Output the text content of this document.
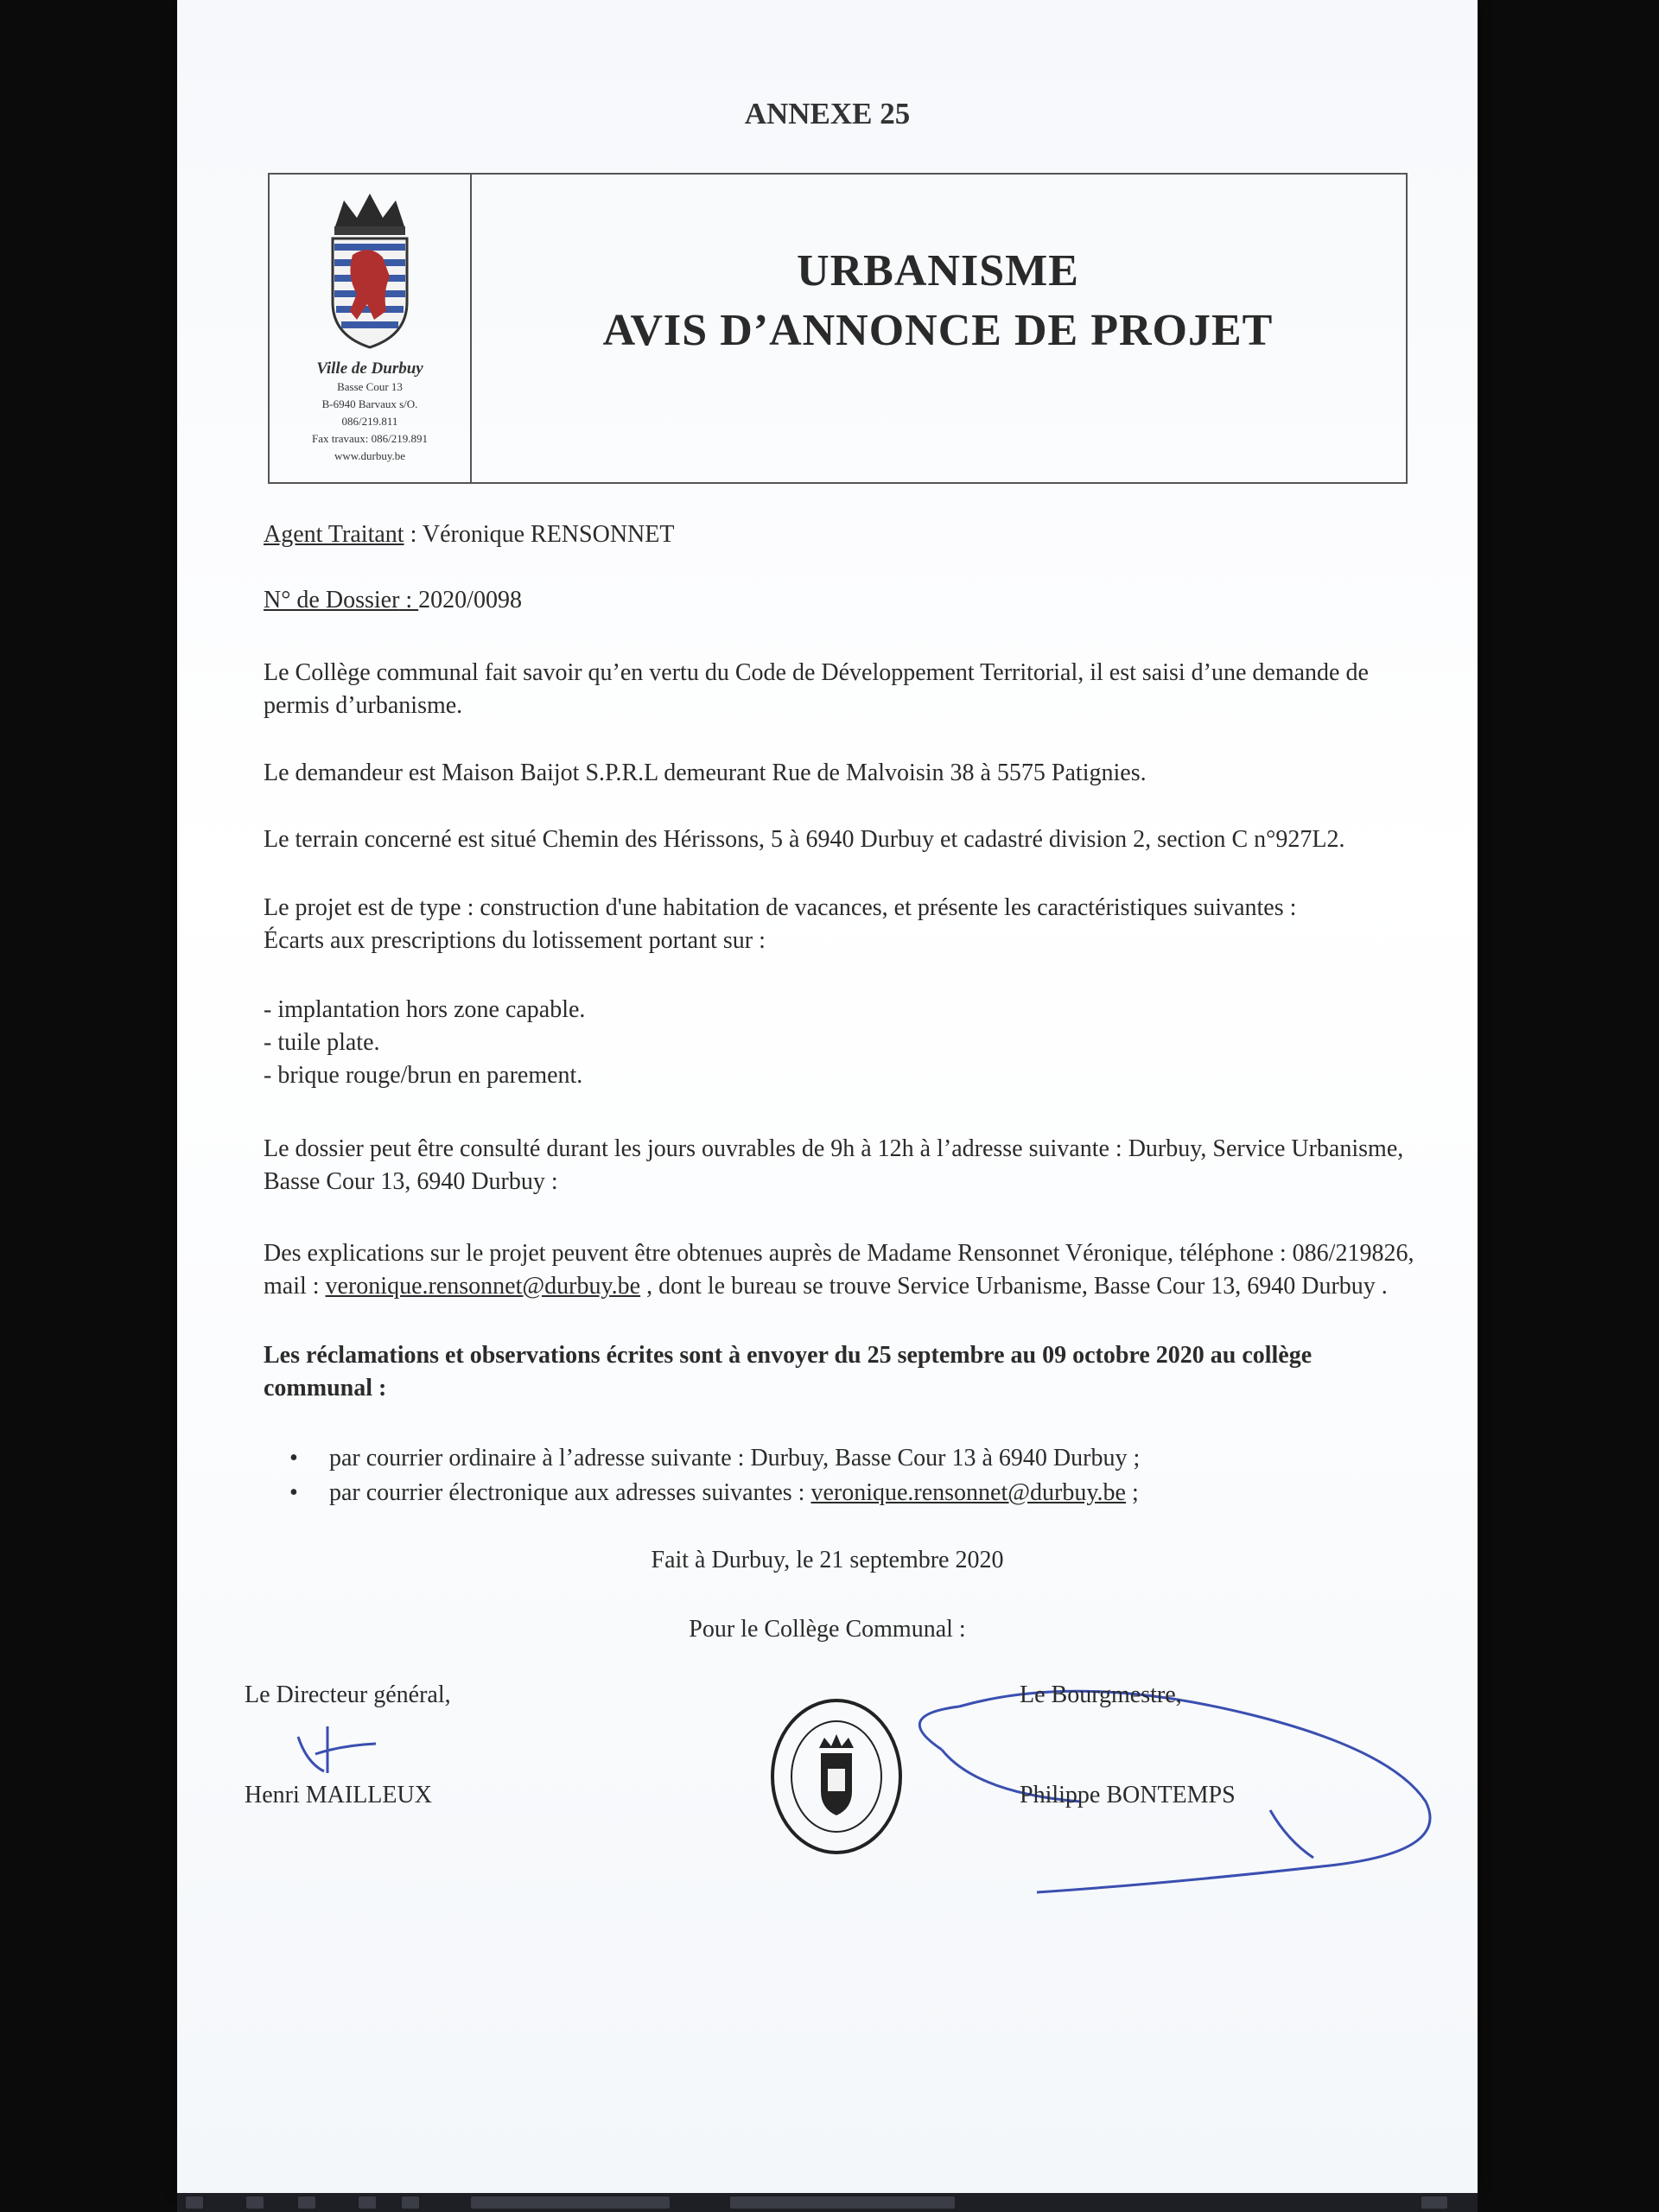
ANNEXE 25
Ville de Durbuy
Basse Cour 13
B-6940 Barvaux s/O.
086/219.811
Fax travaux: 086/219.891
www.durbuy.be
URBANISME
AVIS D’ANNONCE DE PROJET
Agent Traitant : Véronique RENSONNET
N° de Dossier : 2020/0098
Le Collège communal fait savoir qu’en vertu du Code de Développement Territorial, il est saisi d’une demande de permis d’urbanisme.
Le demandeur est Maison Baijot S.P.R.L demeurant Rue de Malvoisin 38 à 5575 Patignies.
Le terrain concerné est situé Chemin des Hérissons, 5 à 6940 Durbuy et cadastré division 2, section C n°927L2.
Le projet est de type : construction d'une habitation de vacances, et présente les caractéristiques suivantes :
Écarts aux prescriptions du lotissement portant sur :
- implantation hors zone capable.
- tuile plate.
- brique rouge/brun en parement.
Le dossier peut être consulté durant les jours ouvrables de 9h à 12h à l’adresse suivante : Durbuy, Service Urbanisme, Basse Cour 13, 6940 Durbuy :
Des explications sur le projet peuvent être obtenues auprès de Madame Rensonnet Véronique, téléphone : 086/219826, mail : veronique.rensonnet@durbuy.be , dont le bureau se trouve Service Urbanisme, Basse Cour 13, 6940 Durbuy .
Les réclamations et observations écrites sont à envoyer du 25 septembre au 09 octobre 2020 au collège communal :
• par courrier ordinaire à l’adresse suivante : Durbuy, Basse Cour 13 à 6940 Durbuy ;
• par courrier électronique aux adresses suivantes : veronique.rensonnet@durbuy.be ;
Fait à Durbuy, le 21 septembre 2020
Pour le Collège Communal :
Le Directeur général,
Henri MAILLEUX
Le Bourgmestre,
Philippe BONTEMPS
